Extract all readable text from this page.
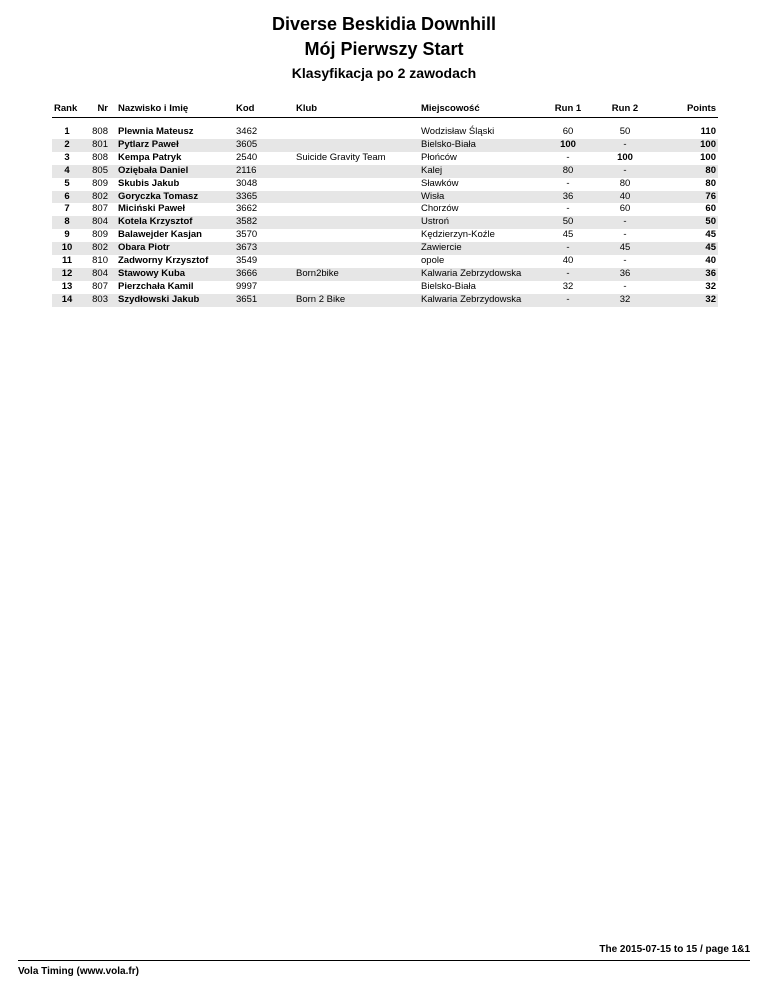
Diverse Beskidia Downhill
Mój Pierwszy Start
Klasyfikacja po 2 zawodach
Rank	Nr	Nazwisko i Imię	Kod	Klub	Miejscowość	Run 1	Run 2	Points

1	808	Plewnia Mateusz	3462		Wodzisław Śląski	60	50	110
2	801	Pytlarz Paweł	3605		Bielsko-Biała	100	-	100
3	808	Kempa Patryk	2540	Suicide Gravity Team	Płońców	-	100	100
4	805	Oziębała Daniel	2116		Kalej	80	-	80
5	809	Skubis Jakub	3048		Sławków	-	80	80
6	802	Goryczka Tomasz	3365		Wisła	36	40	76
7	807	Miciński Paweł	3662		Chorzów	-	60	60
8	804	Kotela Krzysztof	3582		Ustroń	50	-	50
9	809	Balawejder Kasjan	3570		Kędzierzyn-Koźle	45	-	45
10	802	Obara Piotr	3673		Zawiercie	-	45	45
11	810	Zadworny Krzysztof	3549		opole	40	-	40
12	804	Stawowy Kuba	3666	Born2bike	Kalwaria Zebrzydowska	-	36	36
13	807	Pierzchała Kamil	9997		Bielsko-Biała	32	-	32
14	803	Szydłowski Jakub	3651	Born 2 Bike	Kalwaria Zebrzydowska	-	32	32
The 2015-07-15 to 15 / page 1&1
Vola Timing (www.vola.fr)
